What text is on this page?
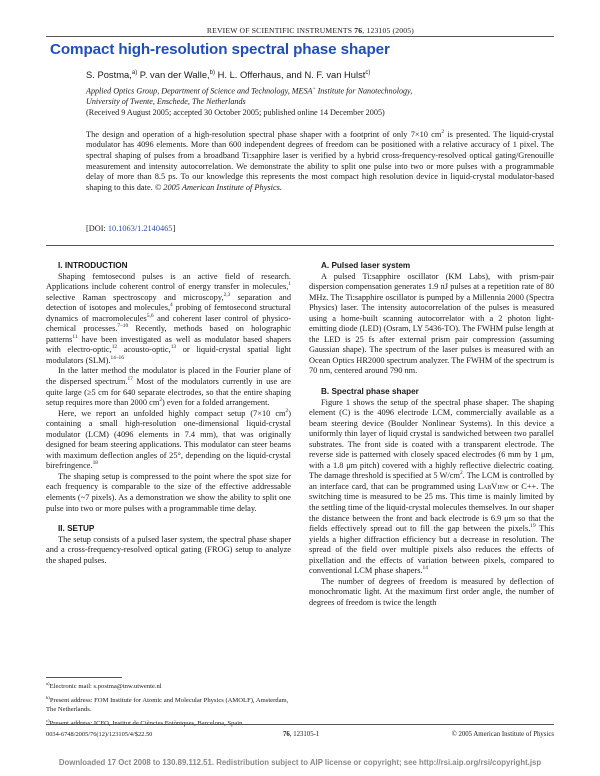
REVIEW OF SCIENTIFIC INSTRUMENTS 76, 123105 (2005)
Compact high-resolution spectral phase shaper
S. Postma,$^{a)}$ P. van der Walle,$^{b)}$ H. L. Offerhaus, and N. F. van Hulst$^{c)}$
Applied Optics Group, Department of Science and Technology, MESA+ Institute for Nanotechnology,
University of Twente, Enschede, The Netherlands
(Received 9 August 2005; accepted 30 October 2005; published online 14 December 2005)
The design and operation of a high-resolution spectral phase shaper with a footprint of only 7×10 $cm^2$ is presented. The liquid-crystal modulator has 4096 elements. More than 600 independent degrees of freedom can be positioned with a relative accuracy of 1 pixel. The spectral shaping of pulses from a broadband Ti:sapphire laser is verified by a hybrid cross-frequency-resolved optical gating/Grenouille measurement and intensity autocorrelation. We demonstrate the ability to split one pulse into two or more pulses with a programmable delay of more than 8.5 ps. To our knowledge this represents the most compact high resolution device in liquid-crystal modulator-based shaping to this date. © 2005 American Institute of Physics.
[DOI: 10.1063/1.2140465]

I. INTRODUCTION

Shaping femtosecond pulses is an active field of research. Applications include coherent control of energy transfer in molecules,$^1$ selective Raman spectroscopy and microscopy,$^{2,3}$ separation and detection of isotopes and molecules,$^4$ probing of femtosecond structural dynamics of macromolecules$^{5,6}$ and coherent laser control of physico-chemical processes.$^{7-10}$ Recently, methods based on holographic patterns$^{11}$ have been investigated as well as modulator based shapers with electro-optic,$^{12}$ acousto-optic,$^{13}$ or liquid-crystal spatial light modulators (SLM).$^{14-16}$

In the latter method the modulator is placed in the Fourier plane of the dispersed spectrum.$^{17}$ Most of the modulators currently in use are quite large (≥5 cm for 640 separate electrodes, so that the entire shaping setup requires more than 2000 $cm^2$) even for a folded arrangement.

Here, we report an unfolded highly compact setup (7×10 $cm^2$) containing a small high-resolution one-dimensional liquid-crystal modulator (LCM) (4096 elements in 7.4 mm), that was originally designed for beam steering applications. This modulator can steer beams with maximum deflection angles of 25°, depending on the liquid-crystal birefringence.$^{18}$

The shaping setup is compressed to the point where the spot size for each frequency is comparable to the size of the effective addressable elements (~7 pixels). As a demonstration we show the ability to split one pulse into two or more pulses with a programmable time delay.

II. SETUP

The setup consists of a pulsed laser system, the spectral phase shaper and a cross-frequency-resolved optical gating (FROG) setup to analyze the shaped pulses.

$^{a)}$Electronic mail: s.postma@tnw.utwente.nl
$^{b)}$Present address: FOM Institute for Atomic and Molecular Physics (AMOLF), Amsterdam, The Netherlands.
$^{c)}$Present address: ICFO, Institut de Ciències Fotòniques, Barcelona, Spain.

A. Pulsed laser system

A pulsed Ti:sapphire oscillator (KM Labs), with prism-pair dispersion compensation generates 1.9 nJ pulses at a repetition rate of 80 MHz. The Ti:sapphire oscillator is pumped by a Millennia 2000 (Spectra Physics) laser. The intensity autocorrelation of the pulses is measured using a home-built scanning autocorrelator with a 2 photon light-emitting diode (LED) (Osram, LY 5436-TO). The FWHM pulse length at the LED is 25 fs after external prism pair compression (assuming Gaussian shape). The spectrum of the laser pulses is measured with an Ocean Optics HR2000 spectrum analyzer. The FWHM of the spectrum is 70 nm, centered around 790 nm.

B. Spectral phase shaper

Figure 1 shows the setup of the spectral phase shaper. The shaping element (C) is the 4096 electrode LCM, commercially available as a beam steering device (Boulder Nonlinear Systems). In this device a uniformly thin layer of liquid crystal is sandwiched between two parallel substrates. The front side is coated with a transparent electrode. The reverse side is patterned with closely spaced electrodes (6 mm by 1 μm, with a 1.8 μm pitch) covered with a highly reflective dielectric coating. The damage threshold is specified at 5 $W/cm^2$. The LCM is controlled by an interface card, that can be programmed using LabView or C++. The switching time is measured to be 25 ms. This time is mainly limited by the settling time of the liquid-crystal molecules themselves. In our shaper the distance between the front and back electrode is 6.9 μm so that the fields effectively spread out to fill the gap between the pixels.$^{19}$ This yields a higher diffraction efficiency but a decrease in resolution. The spread of the field over multiple pixels also reduces the effects of pixellation and the effects of variation between pixels, compared to conventional LCM phase shapers.$^{14}$

The number of degrees of freedom is measured by deflection of monochromatic light. At the maximum first order angle, the number of degrees of freedom is twice the length

0034-6748/2005/76(12)/123105/4/$22.50	76, 123105-1	© 2005 American Institute of Physics
Downloaded 17 Oct 2008 to 130.89.112.51. Redistribution subject to AIP license or copyright; see http://rsi.aip.org/rsi/copyright.jsp
